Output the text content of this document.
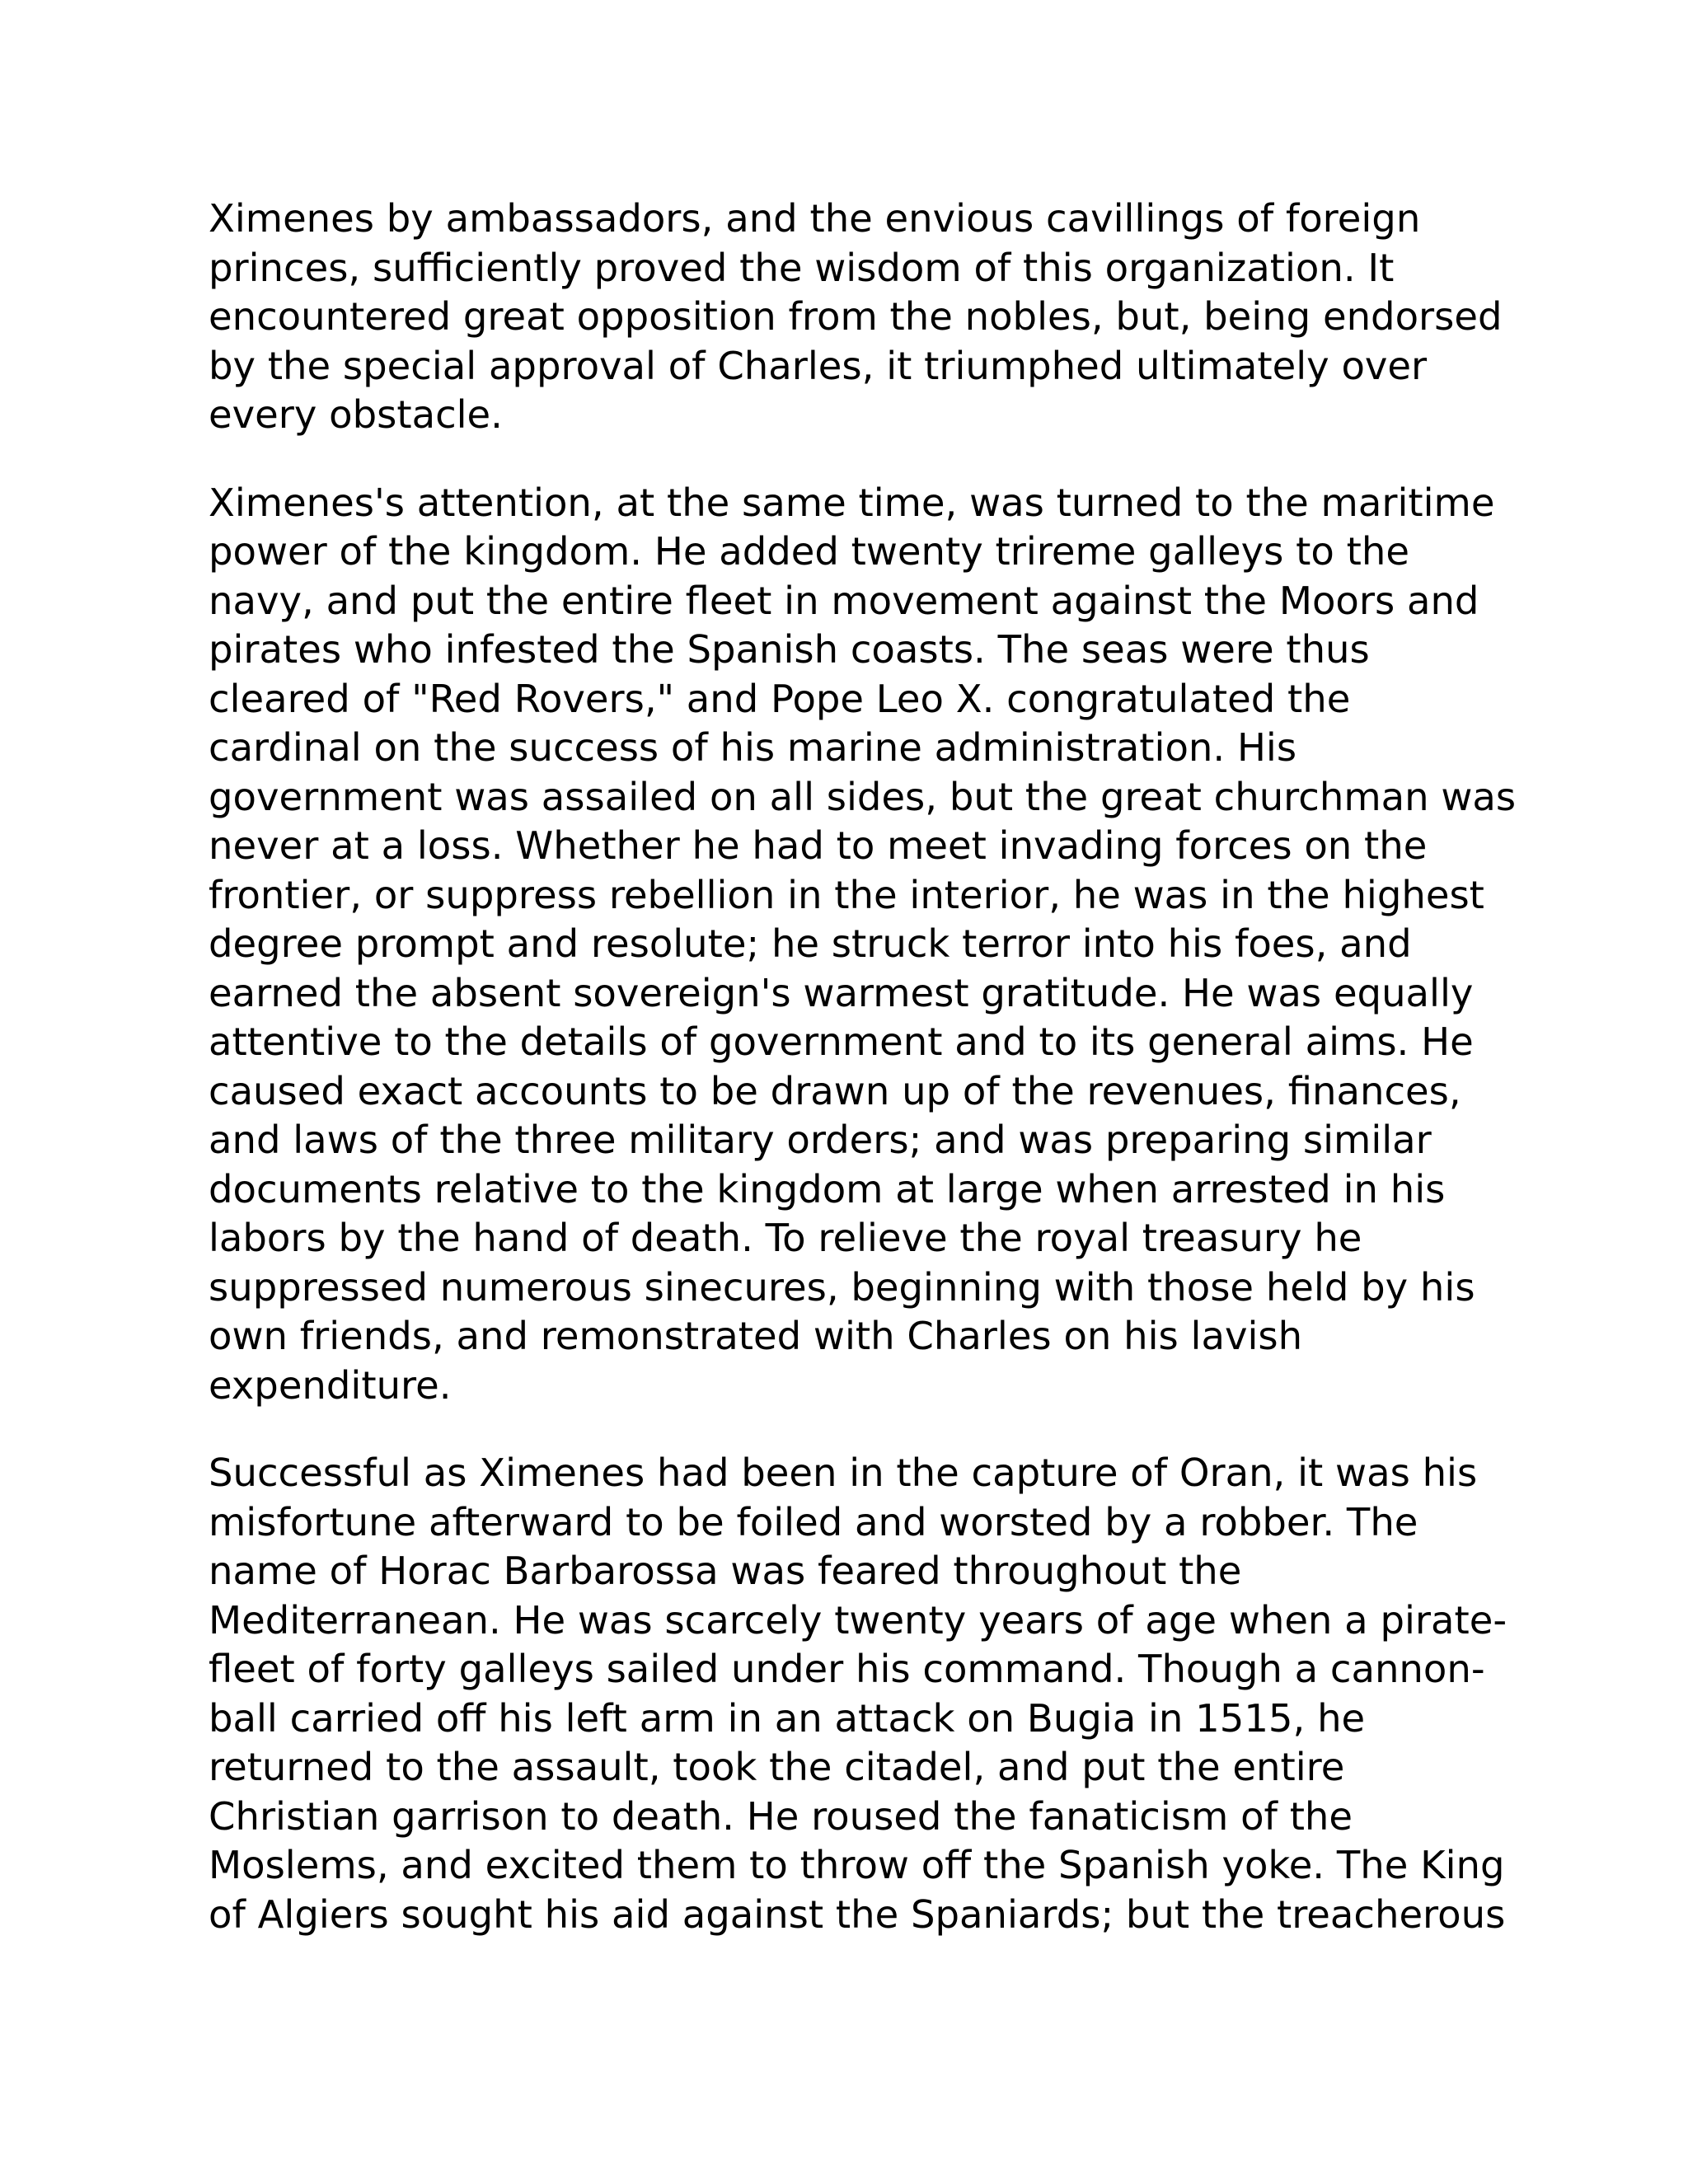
Ximenes by ambassadors, and the envious cavillings of foreign
princes, sufficiently proved the wisdom of this organization. It
encountered great opposition from the nobles, but, being endorsed
by the special approval of Charles, it triumphed ultimately over
every obstacle.

Ximenes's attention, at the same time, was turned to the maritime
power of the kingdom. He added twenty trireme galleys to the
navy, and put the entire fleet in movement against the Moors and
pirates who infested the Spanish coasts. The seas were thus
cleared of "Red Rovers," and Pope Leo X. congratulated the
cardinal on the success of his marine administration. His
government was assailed on all sides, but the great churchman was
never at a loss. Whether he had to meet invading forces on the
frontier, or suppress rebellion in the interior, he was in the highest
degree prompt and resolute; he struck terror into his foes, and
earned the absent sovereign's warmest gratitude. He was equally
attentive to the details of government and to its general aims. He
caused exact accounts to be drawn up of the revenues, finances,
and laws of the three military orders; and was preparing similar
documents relative to the kingdom at large when arrested in his
labors by the hand of death. To relieve the royal treasury he
suppressed numerous sinecures, beginning with those held by his
own friends, and remonstrated with Charles on his lavish
expenditure.

Successful as Ximenes had been in the capture of Oran, it was his
misfortune afterward to be foiled and worsted by a robber. The
name of Horac Barbarossa was feared throughout the
Mediterranean. He was scarcely twenty years of age when a pirate-
fleet of forty galleys sailed under his command. Though a cannon-
ball carried off his left arm in an attack on Bugia in 1515, he
returned to the assault, took the citadel, and put the entire
Christian garrison to death. He roused the fanaticism of the
Moslems, and excited them to throw off the Spanish yoke. The King
of Algiers sought his aid against the Spaniards; but the treacherous
